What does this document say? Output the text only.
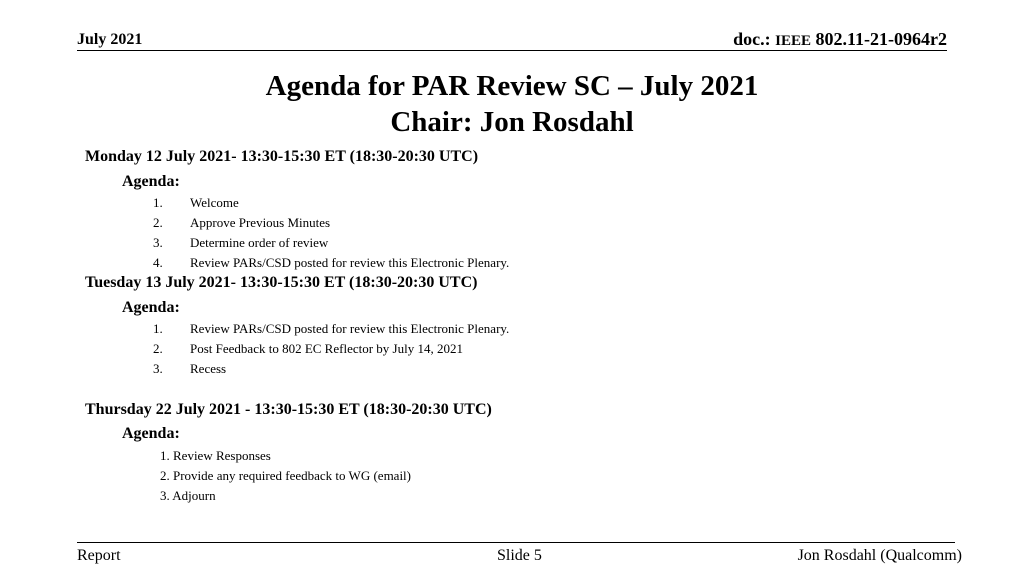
July 2021	doc.: IEEE 802.11-21-0964r2
Agenda for PAR Review SC – July 2021
Chair: Jon Rosdahl
Monday 12 July 2021- 13:30-15:30 ET (18:30-20:30 UTC)
Agenda:
1. Welcome
2. Approve Previous Minutes
3. Determine order of review
4. Review PARs/CSD posted for review this Electronic Plenary.
Tuesday 13 July 2021- 13:30-15:30 ET (18:30-20:30 UTC)
Agenda:
1. Review PARs/CSD posted for review this Electronic Plenary.
2. Post Feedback to 802 EC Reflector by July 14, 2021
3. Recess
Thursday 22 July 2021 - 13:30-15:30 ET (18:30-20:30 UTC)
Agenda:
1. Review Responses
2. Provide any required feedback to WG (email)
3. Adjourn
Report	Slide 5	Jon Rosdahl (Qualcomm)
